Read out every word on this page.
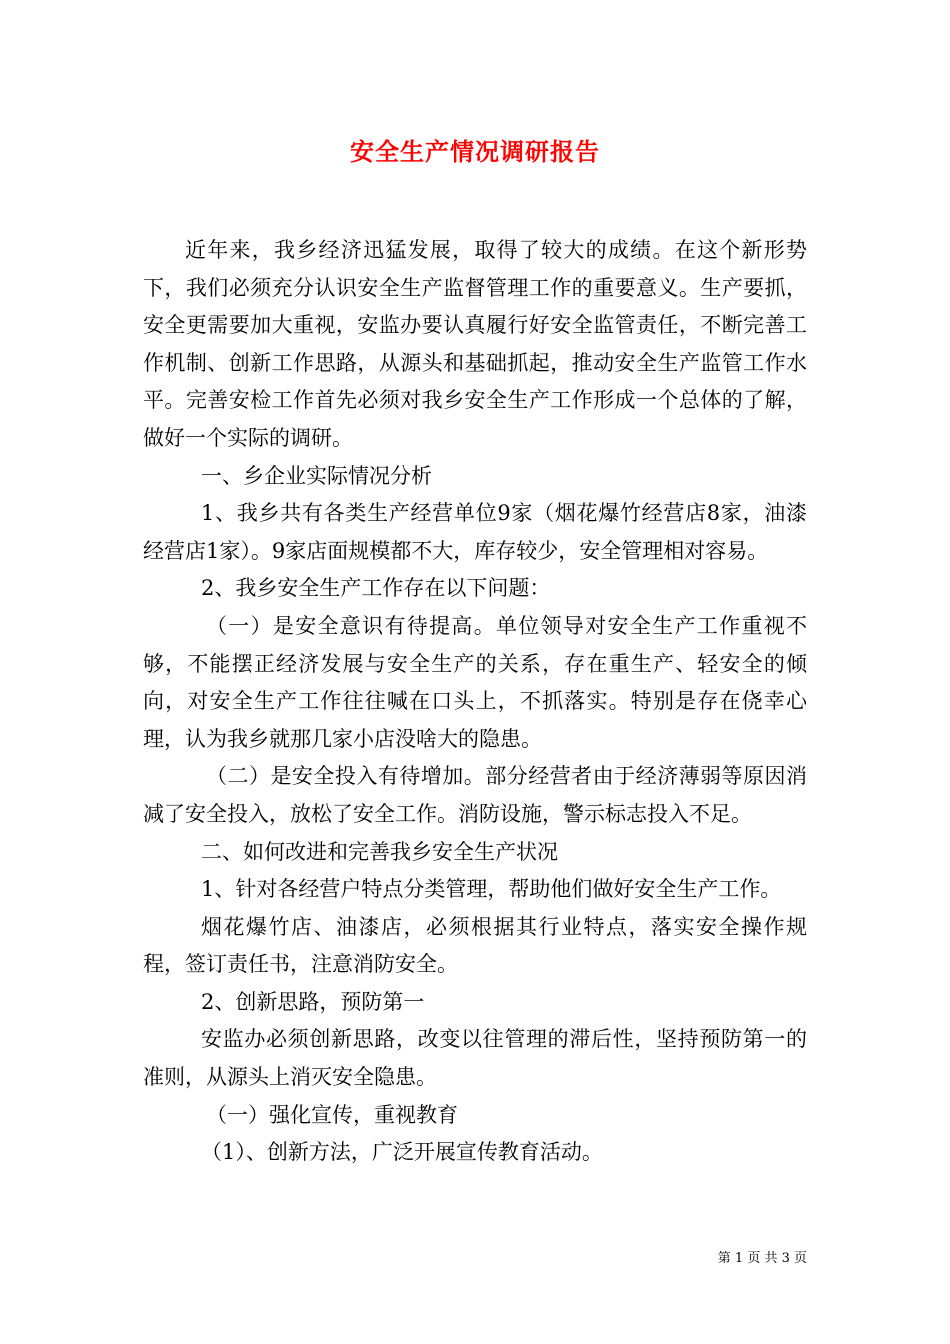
安全生产情况调研报告

近年来，我乡经济迅猛发展，取得了较大的成绩。在这个新形势下，我们必须充分认识安全生产监督管理工作的重要意义。生产要抓，安全更需要加大重视，安监办要认真履行好安全监管责任，不断完善工作机制、创新工作思路，从源头和基础抓起，推动安全生产监管工作水平。完善安检工作首先必须对我乡安全生产工作形成一个总体的了解，做好一个实际的调研。

一、乡企业实际情况分析

1、我乡共有各类生产经营单位9家（烟花爆竹经营店8家，油漆经营店1家）。9家店面规模都不大，库存较少，安全管理相对容易。

2、我乡安全生产工作存在以下问题：

（一）是安全意识有待提高。单位领导对安全生产工作重视不够，不能摆正经济发展与安全生产的关系，存在重生产、轻安全的倾向，对安全生产工作往往喊在口头上，不抓落实。特别是存在侥幸心理，认为我乡就那几家小店没啥大的隐患。

（二）是安全投入有待增加。部分经营者由于经济薄弱等原因消减了安全投入，放松了安全工作。消防设施，警示标志投入不足。

二、如何改进和完善我乡安全生产状况

1、针对各经营户特点分类管理，帮助他们做好安全生产工作。

烟花爆竹店、油漆店，必须根据其行业特点，落实安全操作规程，签订责任书，注意消防安全。

2、创新思路，预防第一

安监办必须创新思路，改变以往管理的滞后性，坚持预防第一的准则，从源头上消灭安全隐患。

（一）强化宣传，重视教育

（1）、创新方法，广泛开展宣传教育活动。

第 1 页 共 3 页
